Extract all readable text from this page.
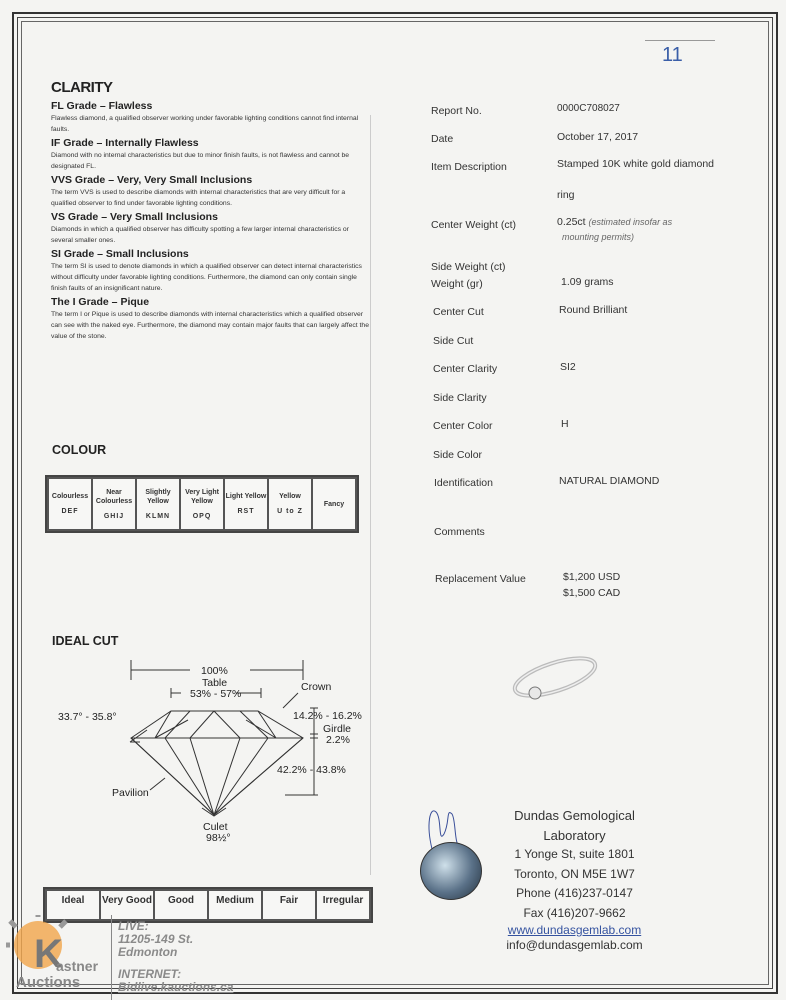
11
CLARITY
FL Grade – Flawless

Flawless diamond, a qualified observer working under favorable lighting conditions cannot find internal faults.

IF Grade – Internally Flawless

Diamond with no internal characteristics but due to minor finish faults, is not flawless and cannot be designated FL.

VVS Grade – Very, Very Small Inclusions

The term VVS is used to describe diamonds with internal characteristics that are very difficult for a qualified observer to find under favorable lighting conditions.

VS Grade – Very Small Inclusions

Diamonds in which a qualified observer has difficulty spotting a few larger internal characteristics or several smaller ones.

SI Grade – Small Inclusions

The term SI is used to denote diamonds in which a qualified observer can detect internal characteristics without difficulty under favorable lighting conditions. Furthermore, the diamond can only contain single finish faults of an insignificant nature.

The I Grade – Pique

The term I or Pique is used to describe diamonds with internal characteristics which a qualified observer can see with the naked eye. Furthermore, the diamond may contain major faults that can largely affect the value of the stone.

COLOUR
Colourless
DEF

Near Colourless
GHIJ

Slightly Yellow
KLMN

Very Light Yellow
OPQ

Light Yellow
RST

Yellow
U to Z

Fancy
IDEAL CUT
100%
Table
53% - 57%
Crown
33.7° - 35.8°	14.2% - 16.2%
Girdle
2.2%
42.2% - 43.8%
Pavilion
Culet
98½°
Ideal	Very Good	Good	Medium	Fair	Irregular
Report No.	0000C708027
Date	October 17, 2017
Item Description	Stamped 10K white gold diamond
ring
Center Weight (ct)	0.25ct (estimated insofar as
mounting permits)
Side Weight (ct)
Weight (gr)	1.09 grams
Center Cut	Round Brilliant
Side Cut
Center Clarity	SI2
Side Clarity
Center Color	H
Side Color
Identification	NATURAL DIAMOND
Comments
Replacement Value	$1,200 USD
$1,500 CAD
Dundas Gemological Laboratory
1 Yonge St, suite 1801
Toronto, ON M5E 1W7
Phone (416)237-0147
Fax (416)207-9662
www.dundasgemlab.com
info@dundasgemlab.com
K
astner
Auctions
LIVE:
11205-149 St.
Edmonton
INTERNET:
Bidlive.kauctions.ca
